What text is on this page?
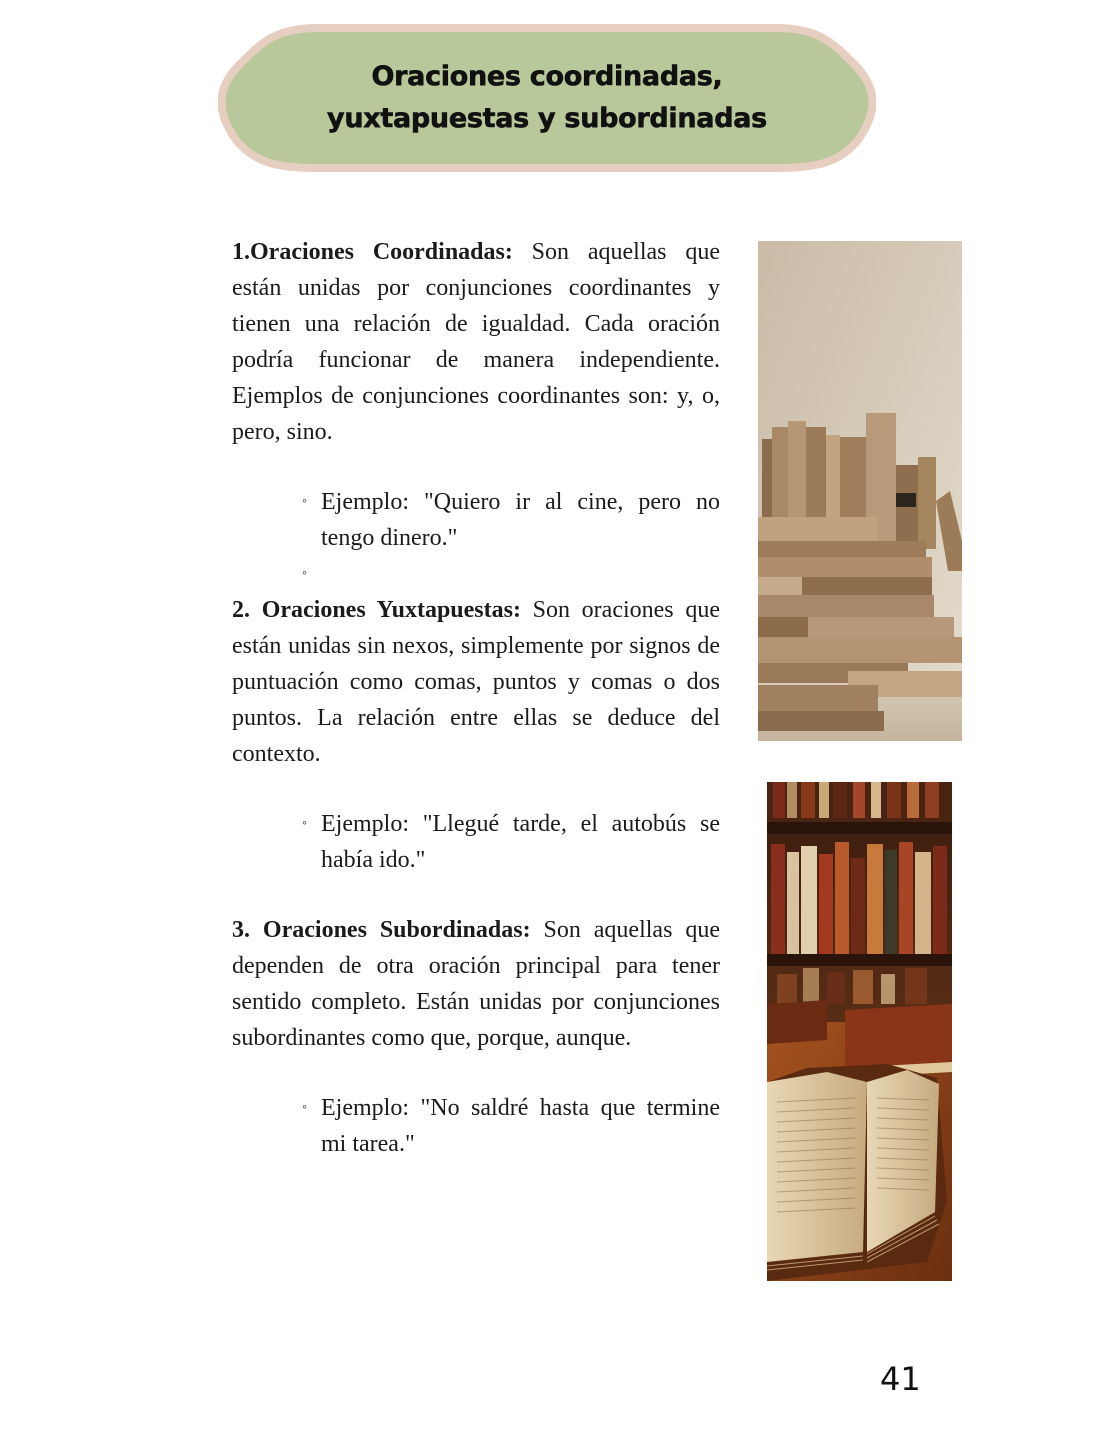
Oraciones coordinadas,
yuxtapuestas y subordinadas

1.Oraciones Coordinadas: Son aquellas que están unidas por conjunciones coordinantes y tienen una relación de igualdad. Cada oración podría funcionar de manera independiente. Ejemplos de conjunciones coordinantes son: y, o, pero, sino.

◦ Ejemplo: "Quiero ir al cine, pero no tengo dinero."
◦

2. Oraciones Yuxtapuestas: Son oraciones que están unidas sin nexos, simplemente por signos de puntuación como comas, puntos y comas o dos puntos. La relación entre ellas se deduce del contexto.

◦ Ejemplo: "Llegué tarde, el autobús se había ido."

3. Oraciones Subordinadas: Son aquellas que dependen de otra oración principal para tener sentido completo. Están unidas por conjunciones subordinantes como que, porque, aunque.

◦ Ejemplo: "No saldré hasta que termine mi tarea."
41
